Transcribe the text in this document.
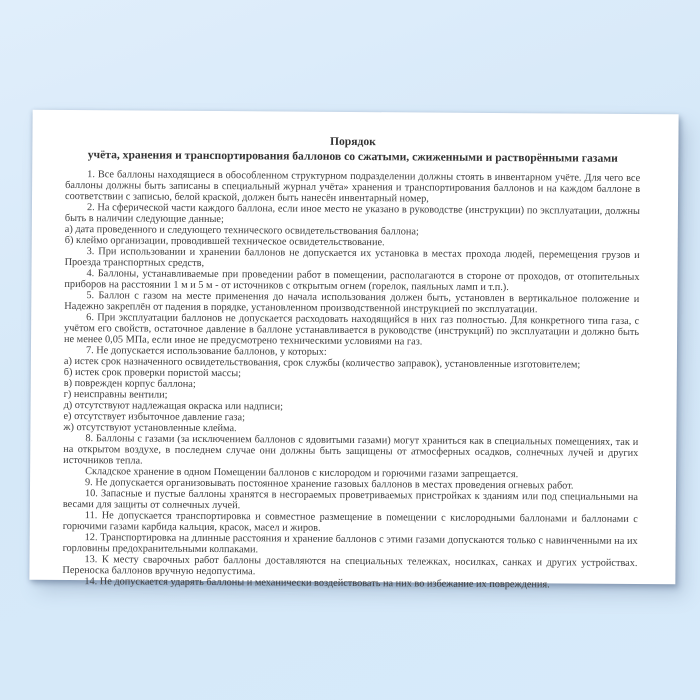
Порядок

учёта, хранения и транспортирования баллонов со сжатыми, сжиженными и растворёнными газами

1. Все баллоны находящиеся в обособленном структурном подразделении должны стоять в инвентарном учёте. Для чего все баллоны должны быть записаны в специальный журнал учёта» хранения и транспортирования баллонов и на каждом баллоне в соответствии с записью, белой краской, должен быть нанесён инвентарный номер,

2. На сферической части каждого баллона, если иное место не указано в руководстве (инструкции) по эксплуатации, должны быть в наличии следующие данные;

а) дата проведенного и следующего технического освидетельствования баллона;

б) клеймо организации, проводившей техническое освидетельствование.

3. При использовании и хранении баллонов не допускается их установка в местах прохода людей, перемещения грузов и Проезда транспортных средств,

4. Баллоны, устанавливаемые при проведении работ в помещении, располагаются в стороне от проходов, от отопительных приборов на расстоянии 1 м и 5 м - от источников с открытым огнем (горелок, паяльных ламп и т.п.).

5. Баллон с газом на месте применения до начала использования должен быть, установлен в вертикальное положение и Надежно закреплён от падения в порядке, установленном производственной инструкцией по эксплуатации.

6. При эксплуатации баллонов не допускается расходовать находящийся в них газ полностью. Для конкретного типа газа, с учётом его свойств, остаточное давление в баллоне устанавливается в руководстве (инструкций) по эксплуатации и должно быть не менее 0,05 МПа, если иное не предусмотрено техническими условиями на газ.

7. Не допускается использование баллонов, у которых:

а) истек срок назначенного освидетельствования, срок службы (количество заправок), установленные изготовителем;

б) истек срок проверки пористой массы;

в) поврежден корпус баллона;

г) неисправны вентили;

д) отсутствуют надлежащая окраска или надписи;

е) отсутствует избыточное давление газа;

ж) отсутствуют установленные клейма.

8. Баллоны с газами (за исключением баллонов с ядовитыми газами) могут храниться как в специальных помещениях, так и на открытом воздухе, в последнем случае они должны быть защищены от атмосферных осадков, солнечных лучей и других источников тепла.

Складское хранение в одном Помещении баллонов с кислородом и горючими газами запрещается.

9. Не допускается организовывать постоянное хранение газовых баллонов в местах проведения огневых работ.

10. Запасные и пустые баллоны хранятся в несгораемых проветриваемых пристройках к зданиям или под специальными на весами для защиты от солнечных лучей.

11. Не допускается транспортировка и совместное размещение в помещении с кислородными баллонами и баллонами с горючими газами карбида кальция, красок, масел и жиров.

12. Транспортировка на длинные расстояния и хранение баллонов с этими газами допускаются только с навинченными на их горловины предохранительными колпаками.

13. К месту сварочных работ баллоны доставляются на специальных тележках, носилках, санках и других устройствах. Переноска баллонов вручную недопустима.

14. Не допускается ударять баллоны и механически воздействовать на них во избежание их повреждения.
